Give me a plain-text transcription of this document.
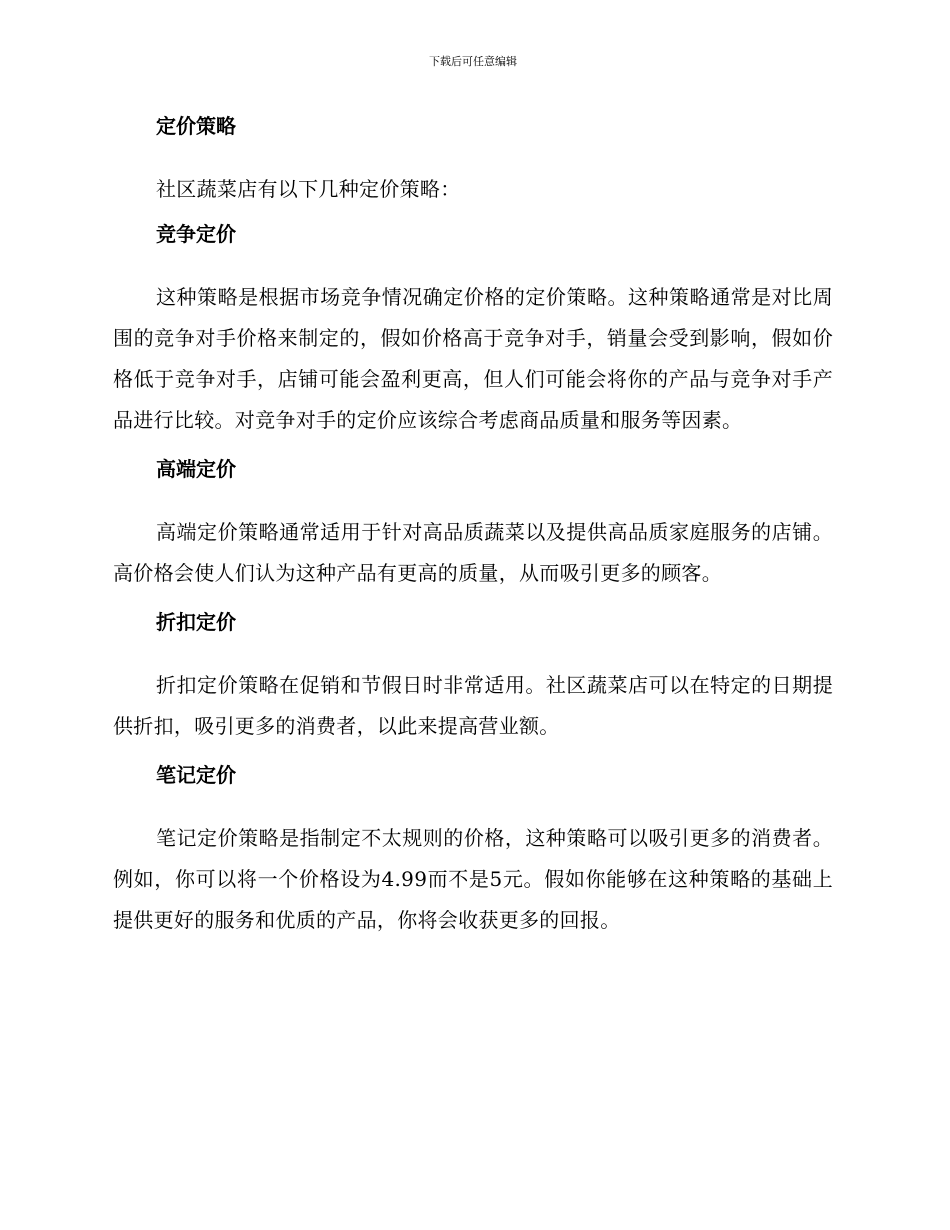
下载后可任意编辑
定价策略

社区蔬菜店有以下几种定价策略：

竞争定价

这种策略是根据市场竞争情况确定价格的定价策略。这种策略通常是对比周围的竞争对手价格来制定的，假如价格高于竞争对手，销量会受到影响，假如价格低于竞争对手，店铺可能会盈利更高，但人们可能会将你的产品与竞争对手产品进行比较。对竞争对手的定价应该综合考虑商品质量和服务等因素。

高端定价

高端定价策略通常适用于针对高品质蔬菜以及提供高品质家庭服务的店铺。高价格会使人们认为这种产品有更高的质量，从而吸引更多的顾客。

折扣定价

折扣定价策略在促销和节假日时非常适用。社区蔬菜店可以在特定的日期提供折扣，吸引更多的消费者，以此来提高营业额。

笔记定价

笔记定价策略是指制定不太规则的价格，这种策略可以吸引更多的消费者。例如，你可以将一个价格设为4.99而不是5元。假如你能够在这种策略的基础上提供更好的服务和优质的产品，你将会收获更多的回报。
